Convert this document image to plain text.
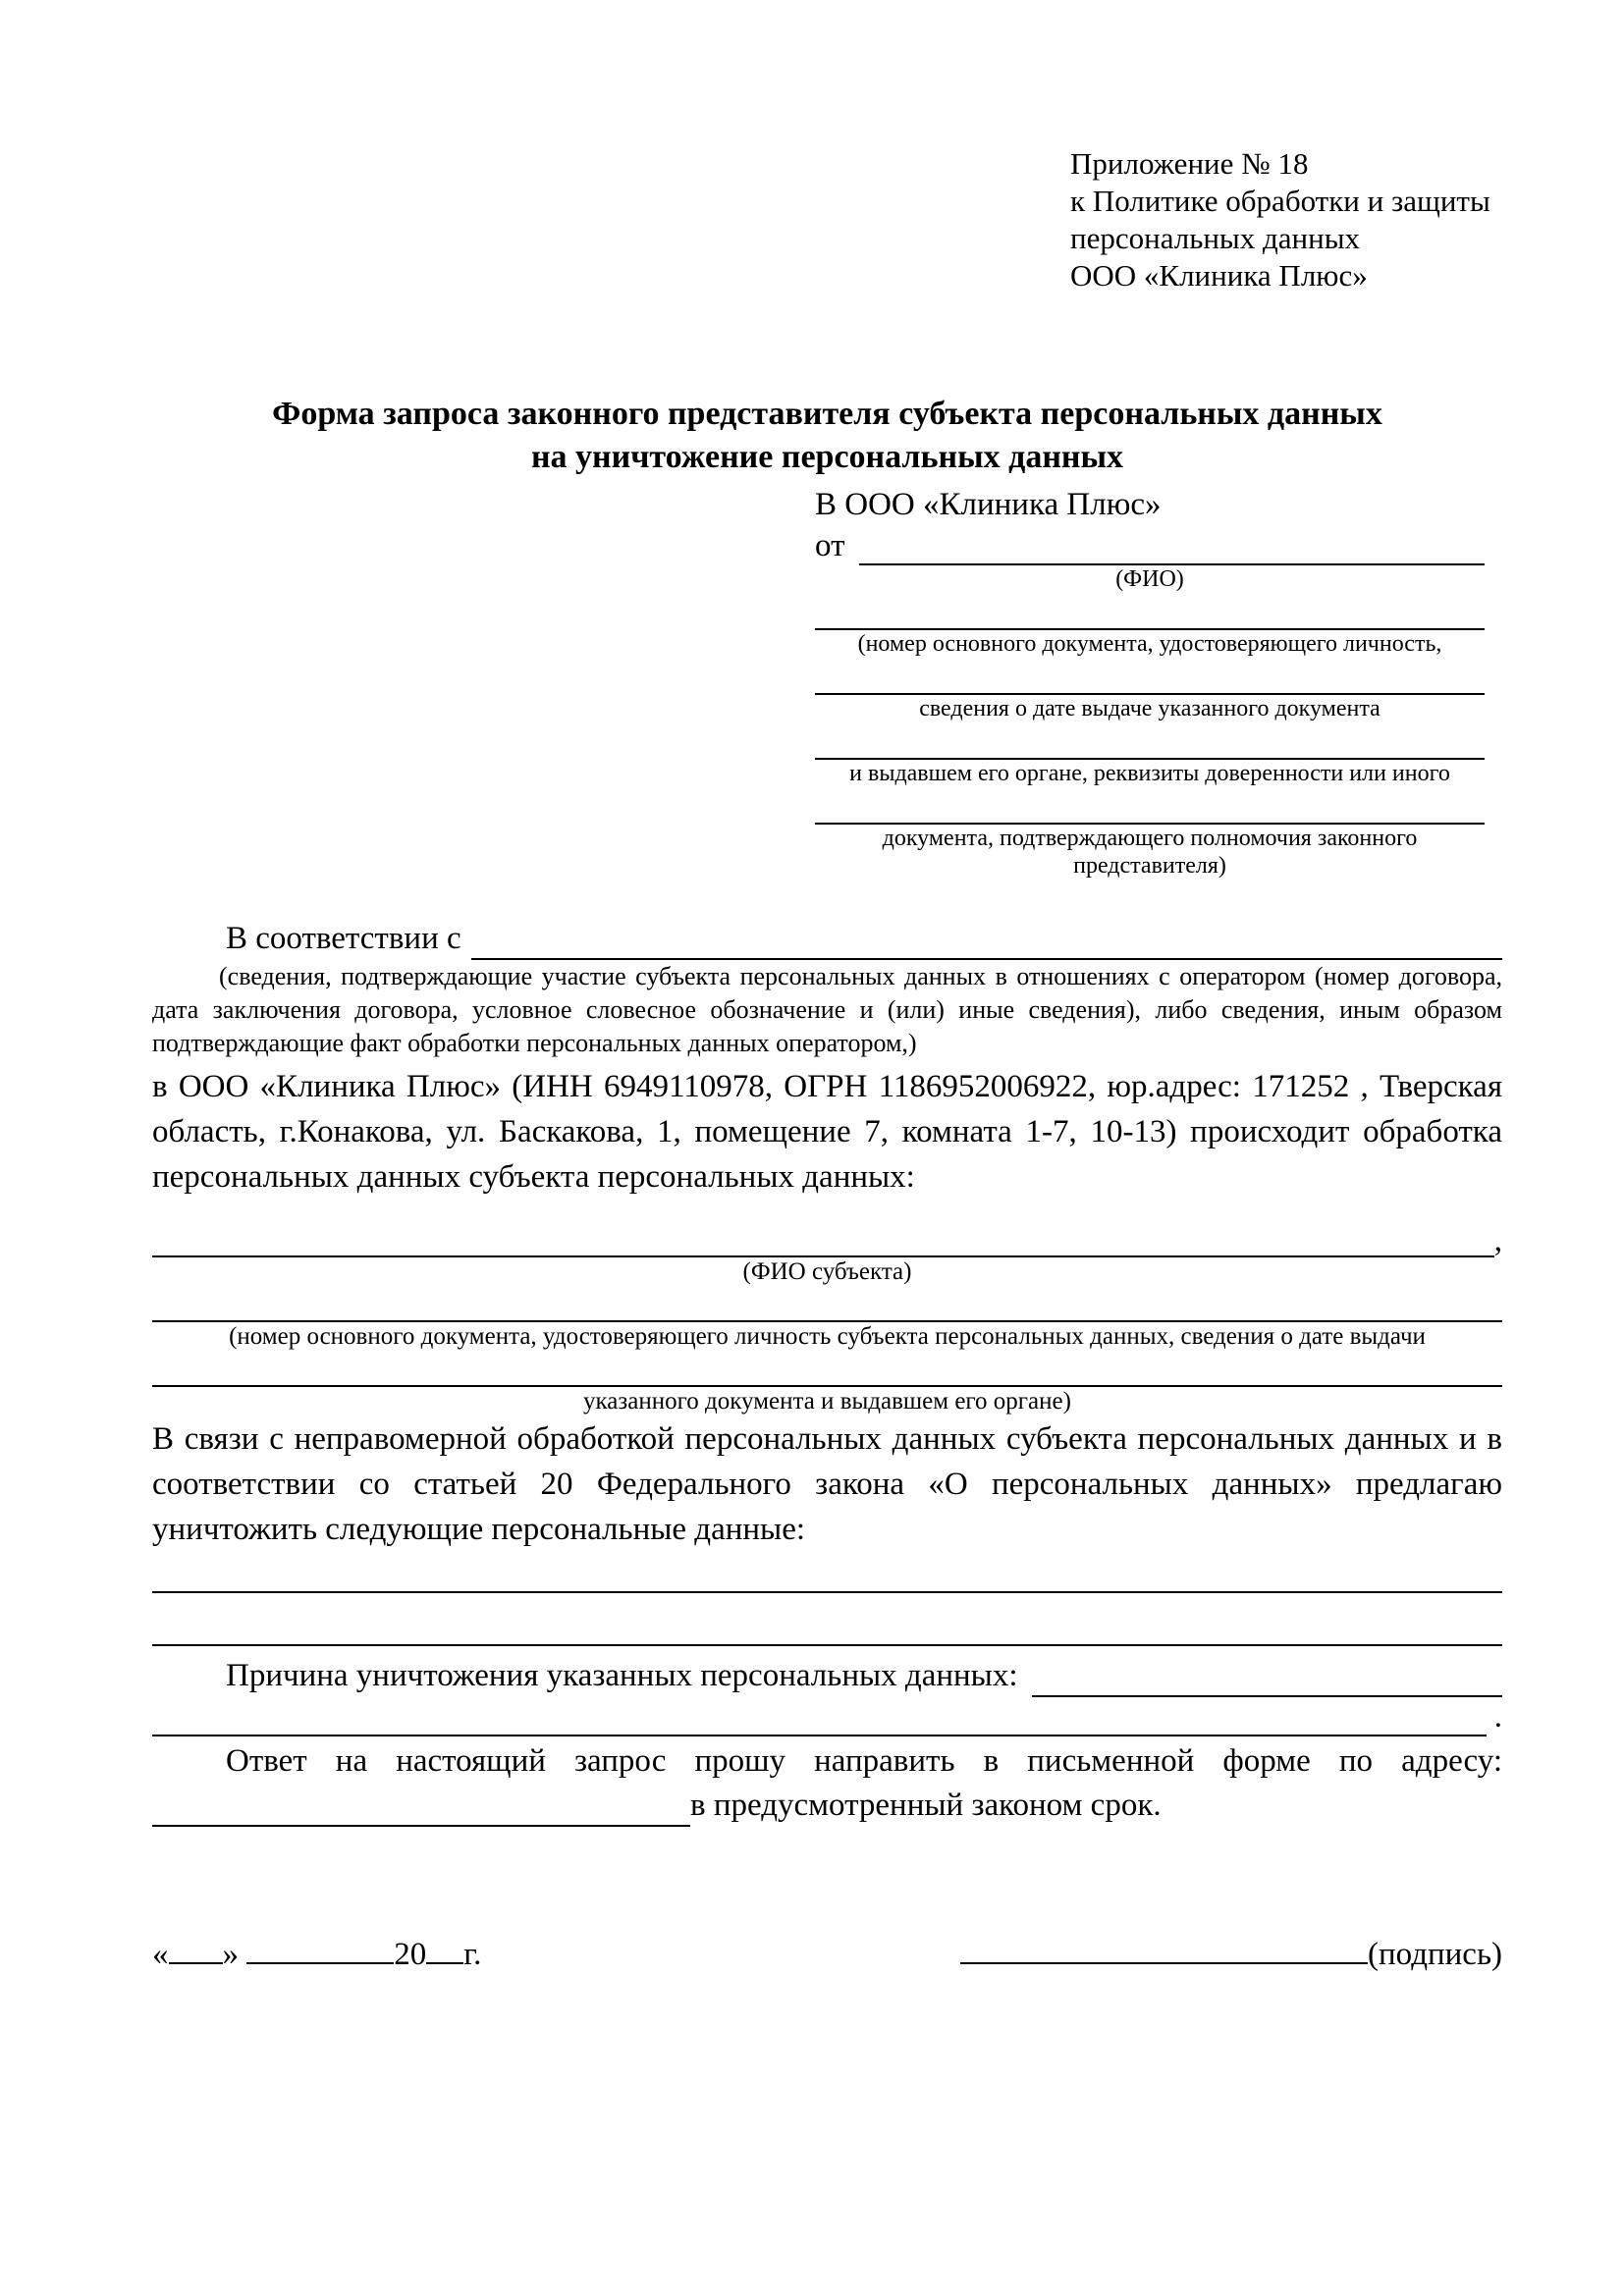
Приложение № 18
к Политике обработки и защиты
персональных данных
ООО «Клиника Плюс»
Форма запроса законного представителя субъекта персональных данных
на уничтожение персональных данных
В ООО «Клиника Плюс»
от
(ФИО)
(номер основного документа, удостоверяющего личность,
сведения о дате выдаче указанного документа
и выдавшем его органе, реквизиты доверенности или иного
документа, подтверждающего полномочия законного представителя)
В соответствии с
(сведения, подтверждающие участие субъекта персональных данных в отношениях с оператором (номер договора, дата заключения договора, условное словесное обозначение и (или) иные сведения), либо сведения, иным образом подтверждающие факт обработки персональных данных оператором,)
в ООО «Клиника Плюс» (ИНН 6949110978, ОГРН 1186952006922, юр.адрес: 171252 , Тверская область, г.Конакова, ул. Баскакова, 1, помещение 7, комната 1-7, 10-13) происходит обработка персональных данных субъекта персональных данных:
,
(ФИО субъекта)
(номер основного документа, удостоверяющего личность субъекта персональных данных, сведения о дате выдачи
указанного документа и выдавшем его органе)
В связи с неправомерной обработкой персональных данных субъекта персональных данных и в соответствии со статьей 20 Федерального закона «О персональных данных» предлагаю уничтожить следующие персональные данные:
Причина уничтожения указанных персональных данных:
.
Ответ на настоящий запрос прошу направить в письменной форме по адресу:
в предусмотренный законом срок.
« »	20 г.	(подпись)
